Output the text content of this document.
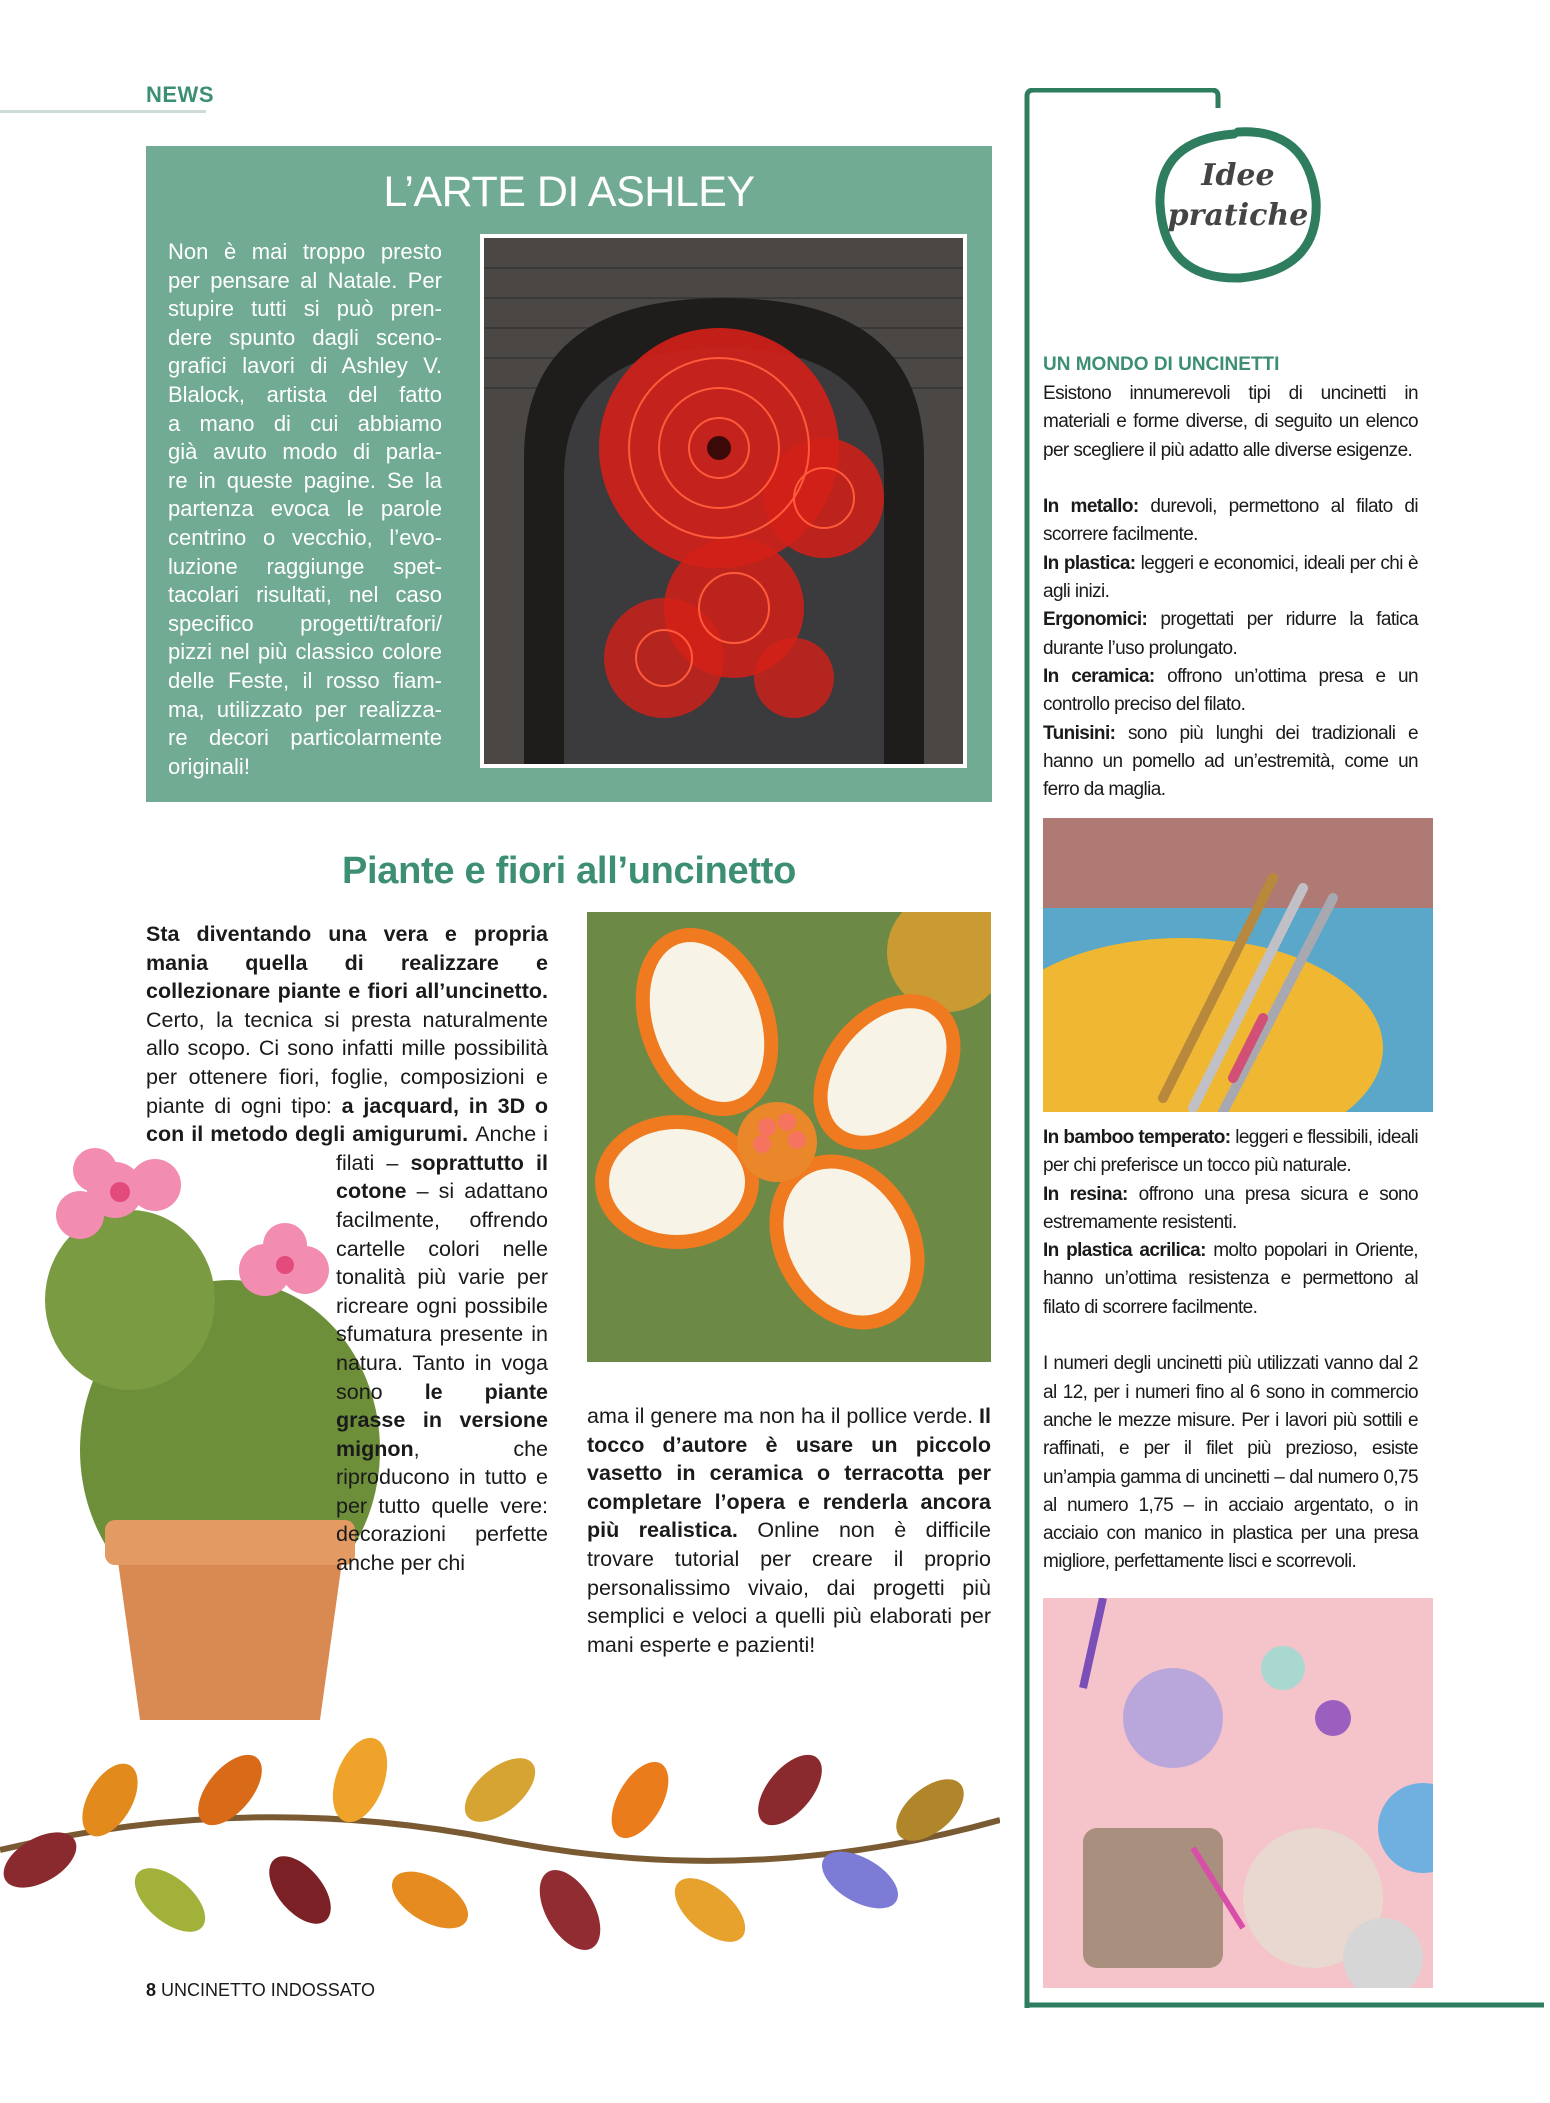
NEWS
L’ARTE DI ASHLEY
Non è mai troppo presto
per pensare al Natale. Per
stupire tutti si può pren-
dere spunto dagli sceno-
grafici lavori di Ashley V.
Blalock, artista del fatto
a mano di cui abbiamo
già avuto modo di parla-
re in queste pagine. Se la
partenza evoca le parole
centrino o vecchio, l’evo-
luzione raggiunge spet-
tacolari risultati, nel caso
specifico progetti/trafori/
pizzi nel più classico colore
delle Feste, il rosso fiam-
ma, utilizzato per realizza-
re decori particolarmente
originali!
Piante e fiori all’uncinetto
Sta diventando una vera e propria mania quella di realizzare e collezionare piante e fiori all’uncinetto. Certo, la tecnica si presta naturalmente allo scopo. Ci sono infatti mille possibilità per ottenere fiori, foglie, composizioni e piante di ogni tipo: a jacquard, in 3D o con il metodo degli amigurumi.
Anche i filati – soprattutto il cotone – si adattano facilmente, offrendo cartelle colori nelle tonalità più varie per ricreare ogni possibile sfumatura presente in natura. Tanto in voga sono le piante grasse in versione mignon, che riproducono in tutto e per tutto quelle vere: decorazioni perfette anche per chi
ama il genere ma non ha il pollice verde. Il tocco d’autore è usare un piccolo vasetto in ceramica o terracotta per completare l’opera e renderla ancora più realistica. Online non è difficile trovare tutorial per creare il proprio personalissimo vivaio, dai progetti più semplici e veloci a quelli più elaborati per mani esperte e pazienti!
Idee
pratiche
UN MONDO DI UNCINETTI

Esistono innumerevoli tipi di uncinetti in materiali e forme diverse, di seguito un elenco per scegliere il più adatto alle diverse esigenze.

In metallo: durevoli, permettono al filato di scorrere facilmente.

In plastica: leggeri e economici, ideali per chi è agli inizi.

Ergonomici: progettati per ridurre la fatica durante l’uso prolungato.

In ceramica: offrono un’ottima presa e un controllo preciso del filato.

Tunisini: sono più lunghi dei tradizionali e hanno un pomello ad un’estremità, come un ferro da maglia.

In bamboo temperato: leggeri e flessibili, ideali per chi preferisce un tocco più naturale.

In resina: offrono una presa sicura e sono estremamente resistenti.

In plastica acrilica: molto popolari in Oriente, hanno un’ottima resistenza e permettono al filato di scorrere facilmente.

I numeri degli uncinetti più utilizzati vanno dal 2 al 12, per i numeri fino al 6 sono in commercio anche le mezze misure. Per i lavori più sottili e raffinati, e per il filet più prezioso, esiste un’ampia gamma di uncinetti – dal numero 0,75 al numero 1,75 – in acciaio argentato, o in acciaio con manico in plastica per una presa migliore, perfettamente lisci e scorrevoli.

8 UNCINETTO INDOSSATO
